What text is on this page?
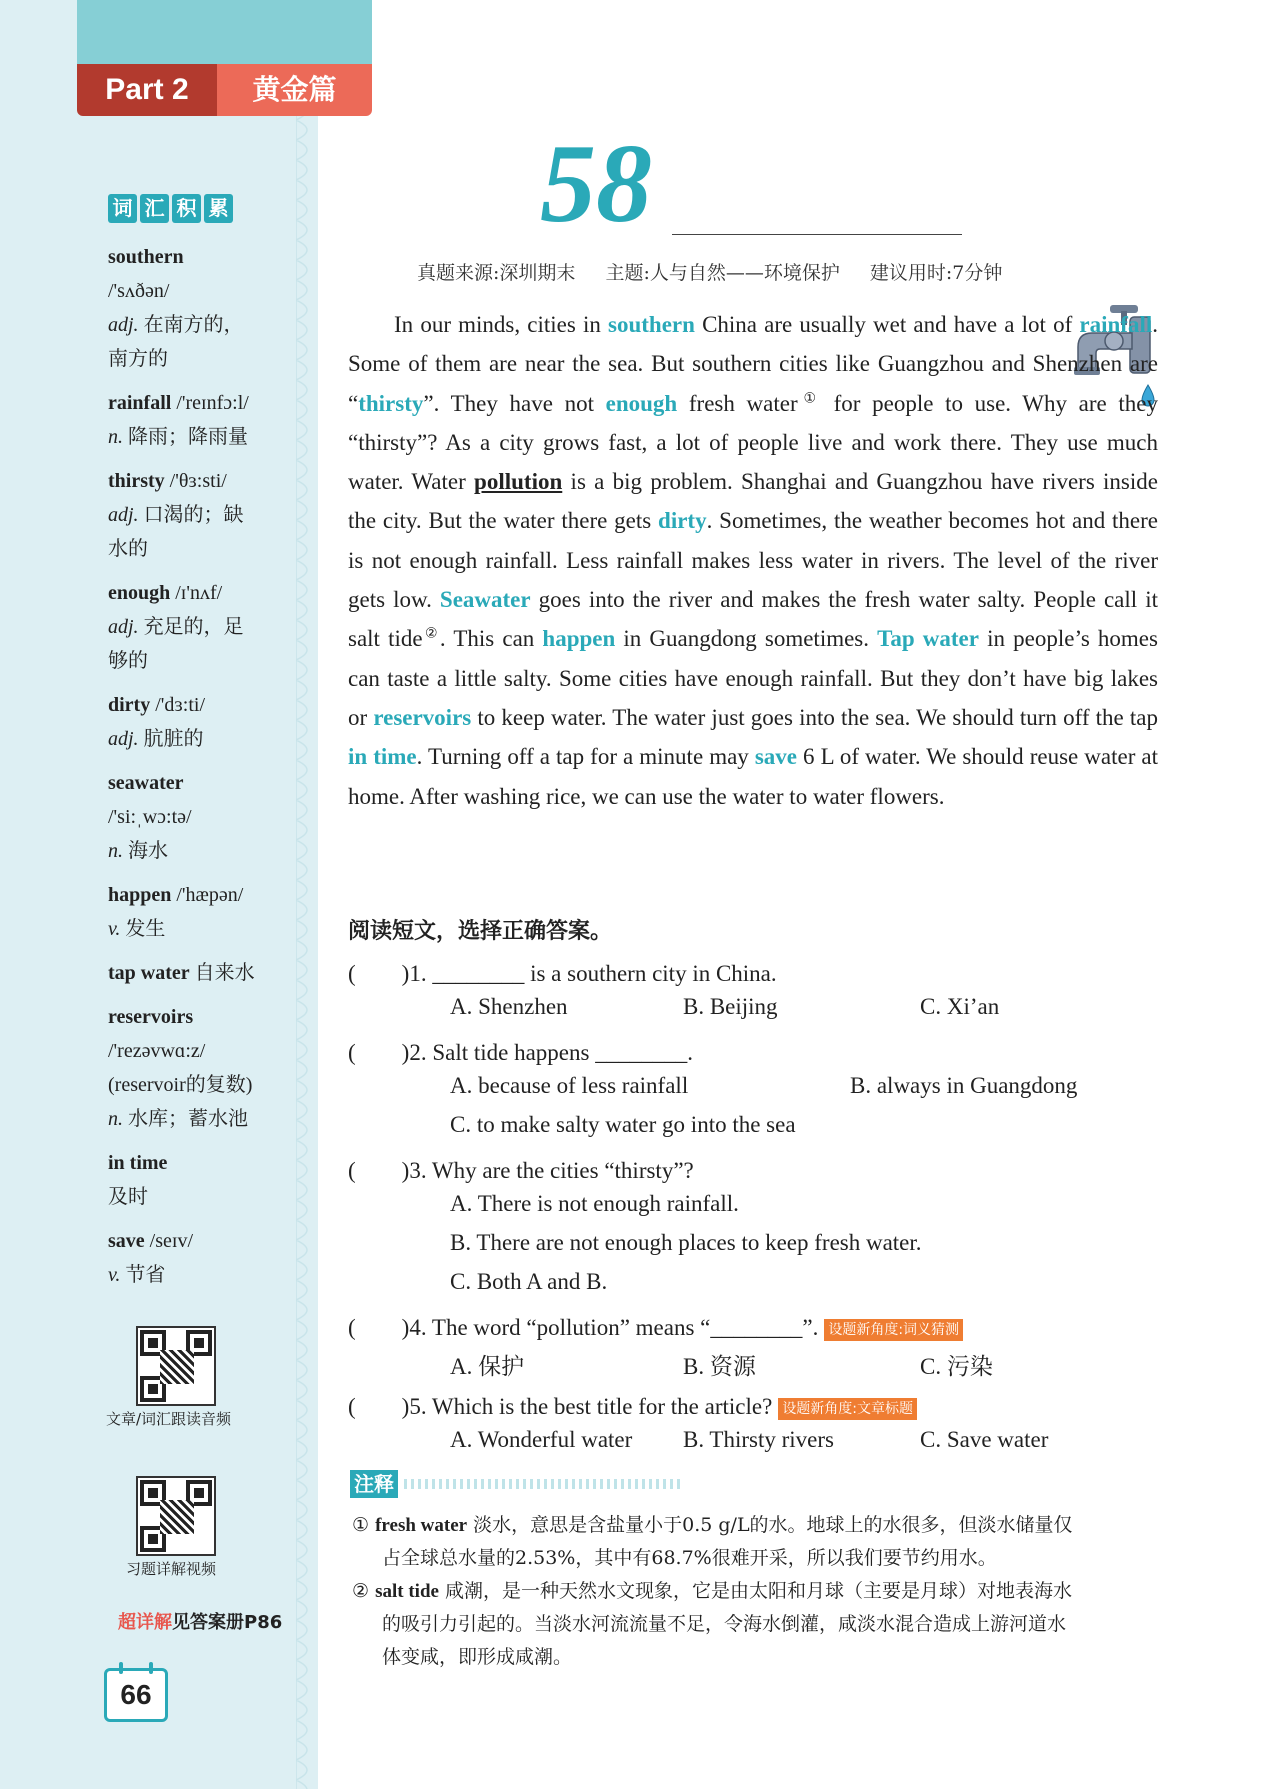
Part 2	黄金篇
词 汇 积 累
southern
/'sʌðən/
adj. 在南方的，
南方的
rainfall /'reɪnfɔ:l/
n. 降雨；降雨量
thirsty /'θɜ:sti/
adj. 口渴的；缺
水的
enough /ɪ'nʌf/
adj. 充足的，足
够的
dirty /'dɜ:ti/
adj. 肮脏的
seawater
/'si:ˌwɔ:tə/
n. 海水
happen /'hæpən/
v. 发生
tap water 自来水
reservoirs
/'rezəvwɑ:z/
(reservoir的复数)
n. 水库；蓄水池
in time
及时
save /seɪv/
v. 节省
文章/词汇跟读音频
习题详解视频
超详解见答案册P86
66
58
真题来源:深圳期末 主题:人与自然——环境保护 建议用时:7分钟
In our minds, cities in southern China are usually wet and have a lot of rainfall. Some of them are near the sea. But southern cities like Guangzhou and Shenzhen are “thirsty”. They have not enough fresh water① for people to use. Why are they “thirsty”? As a city grows fast, a lot of people live and work there. They use much water. Water pollution is a big problem. Shanghai and Guangzhou have rivers inside the city. But the water there gets dirty. Sometimes, the weather becomes hot and there is not enough rainfall. Less rainfall makes less water in rivers. The level of the river gets low. Seawater goes into the river and makes the fresh water salty. People call it salt tide②. This can happen in Guangdong sometimes. Tap water in people’s homes can taste a little salty. Some cities have enough rainfall. But they don’t have big lakes or reservoirs to keep water. The water just goes into the sea. We should turn off the tap in time. Turning off a tap for a minute may save 6 L of water. We should reuse water at home. After washing rice, we can use the water to water flowers.
阅读短文，选择正确答案。
(　　)1. ________ is a southern city in China.
A. Shenzhen	B. Beijing	C. Xi’an
(　　)2. Salt tide happens ________.
A. because of less rainfall	B. always in Guangdong
C. to make salty water go into the sea
(　　)3. Why are the cities “thirsty”?
A. There is not enough rainfall.
B. There are not enough places to keep fresh water.
C. Both A and B.
(　　)4. The word “pollution” means “________”. 设题新角度:词义猜测
A. 保护	B. 资源	C. 污染
(　　)5. Which is the best title for the article? 设题新角度:文章标题
A. Wonderful water B. Thirsty rivers	C. Save water
注释
① fresh water 淡水，意思是含盐量小于0.5 g/L的水。地球上的水很多，但淡水储量仅
占全球总水量的2.53%，其中有68.7%很难开采，所以我们要节约用水。
② salt tide 咸潮，是一种天然水文现象，它是由太阳和月球（主要是月球）对地表海水
的吸引力引起的。当淡水河流流量不足，令海水倒灌，咸淡水混合造成上游河道水
体变咸，即形成咸潮。
